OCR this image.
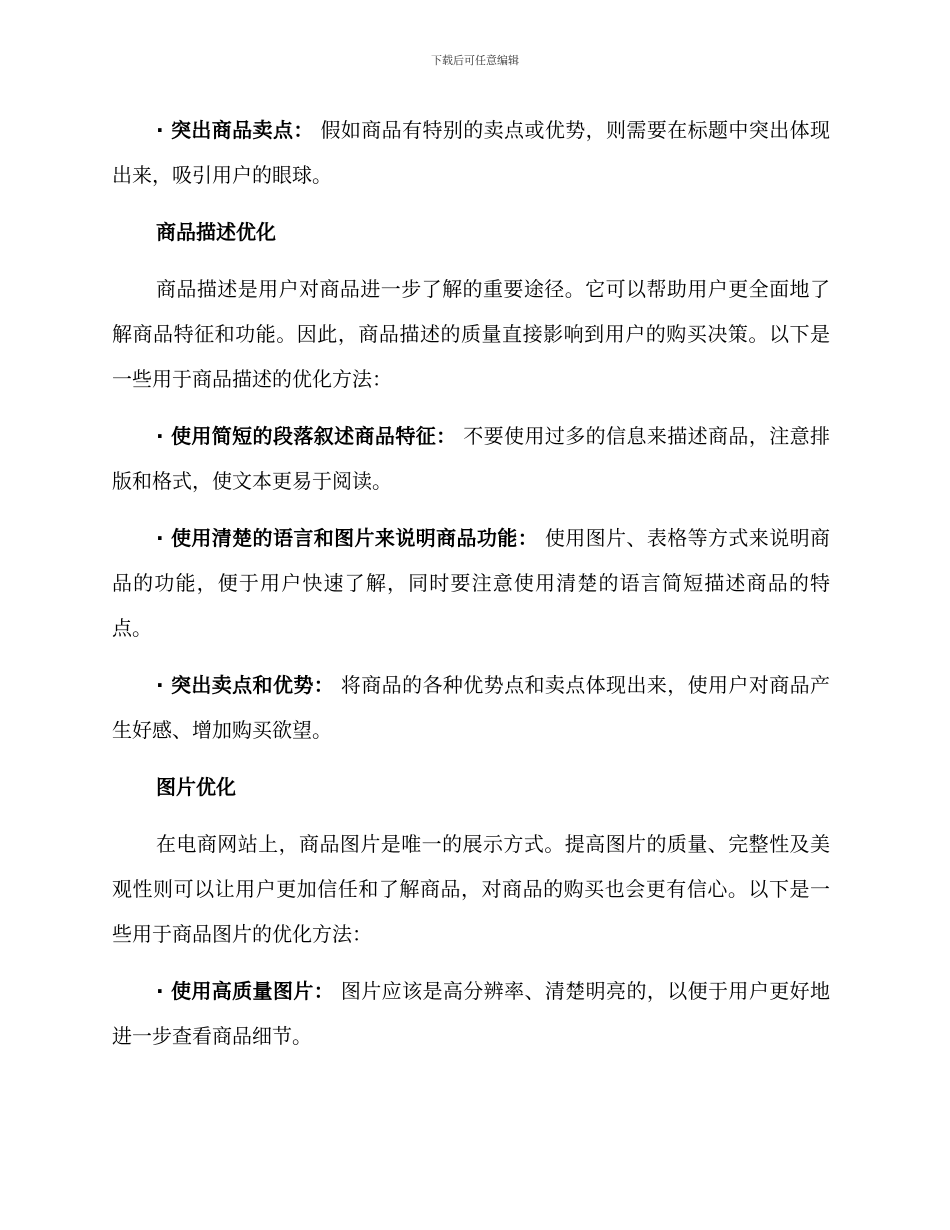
下载后可任意编辑

· 突出商品卖点： 假如商品有特别的卖点或优势，则需要在标题中突出体现出来，吸引用户的眼球。

商品描述优化

商品描述是用户对商品进一步了解的重要途径。它可以帮助用户更全面地了解商品特征和功能。因此，商品描述的质量直接影响到用户的购买决策。以下是一些用于商品描述的优化方法：

· 使用简短的段落叙述商品特征： 不要使用过多的信息来描述商品，注意排版和格式，使文本更易于阅读。

· 使用清楚的语言和图片来说明商品功能： 使用图片、表格等方式来说明商品的功能，便于用户快速了解，同时要注意使用清楚的语言简短描述商品的特点。

· 突出卖点和优势： 将商品的各种优势点和卖点体现出来，使用户对商品产生好感、增加购买欲望。

图片优化

在电商网站上，商品图片是唯一的展示方式。提高图片的质量、完整性及美观性则可以让用户更加信任和了解商品，对商品的购买也会更有信心。以下是一些用于商品图片的优化方法：

· 使用高质量图片： 图片应该是高分辨率、清楚明亮的，以便于用户更好地进一步查看商品细节。
